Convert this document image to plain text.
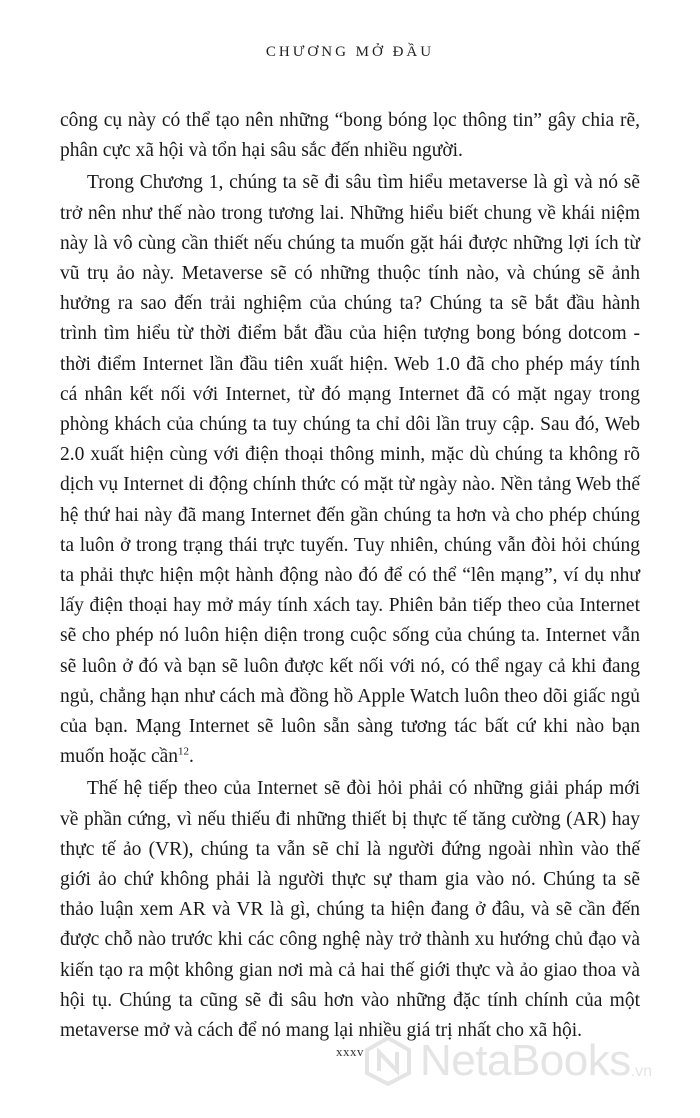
CHƯƠNG MỞ ĐẦU

công cụ này có thể tạo nên những “bong bóng lọc thông tin” gây chia rẽ, phân cực xã hội và tổn hại sâu sắc đến nhiều người.

Trong Chương 1, chúng ta sẽ đi sâu tìm hiểu metaverse là gì và nó sẽ trở nên như thế nào trong tương lai. Những hiểu biết chung về khái niệm này là vô cùng cần thiết nếu chúng ta muốn gặt hái được những lợi ích từ vũ trụ ảo này. Metaverse sẽ có những thuộc tính nào, và chúng sẽ ảnh hưởng ra sao đến trải nghiệm của chúng ta? Chúng ta sẽ bắt đầu hành trình tìm hiểu từ thời điểm bắt đầu của hiện tượng bong bóng dotcom - thời điểm Internet lần đầu tiên xuất hiện. Web 1.0 đã cho phép máy tính cá nhân kết nối với Internet, từ đó mạng Internet đã có mặt ngay trong phòng khách của chúng ta tuy chúng ta chỉ dôi lần truy cập. Sau đó, Web 2.0 xuất hiện cùng với điện thoại thông minh, mặc dù chúng ta không rõ dịch vụ Internet di động chính thức có mặt từ ngày nào. Nền tảng Web thế hệ thứ hai này đã mang Internet đến gần chúng ta hơn và cho phép chúng ta luôn ở trong trạng thái trực tuyến. Tuy nhiên, chúng vẫn đòi hỏi chúng ta phải thực hiện một hành động nào đó để có thể “lên mạng”, ví dụ như lấy điện thoại hay mở máy tính xách tay. Phiên bản tiếp theo của Internet sẽ cho phép nó luôn hiện diện trong cuộc sống của chúng ta. Internet vẫn sẽ luôn ở đó và bạn sẽ luôn được kết nối với nó, có thể ngay cả khi đang ngủ, chẳng hạn như cách mà đồng hồ Apple Watch luôn theo dõi giấc ngủ của bạn. Mạng Internet sẽ luôn sẵn sàng tương tác bất cứ khi nào bạn muốn hoặc cần$^{12}$.

Thế hệ tiếp theo của Internet sẽ đòi hỏi phải có những giải pháp mới về phần cứng, vì nếu thiếu đi những thiết bị thực tế tăng cường (AR) hay thực tế ảo (VR), chúng ta vẫn sẽ chỉ là người đứng ngoài nhìn vào thế giới ảo chứ không phải là người thực sự tham gia vào nó. Chúng ta sẽ thảo luận xem AR và VR là gì, chúng ta hiện đang ở đâu, và sẽ cần đến được chỗ nào trước khi các công nghệ này trở thành xu hướng chủ đạo và kiến tạo ra một không gian nơi mà cả hai thế giới thực và ảo giao thoa và hội tụ. Chúng ta cũng sẽ đi sâu hơn vào những đặc tính chính của một metaverse mở và cách để nó mang lại nhiều giá trị nhất cho xã hội.

xxxv	NetaBooks .vn
